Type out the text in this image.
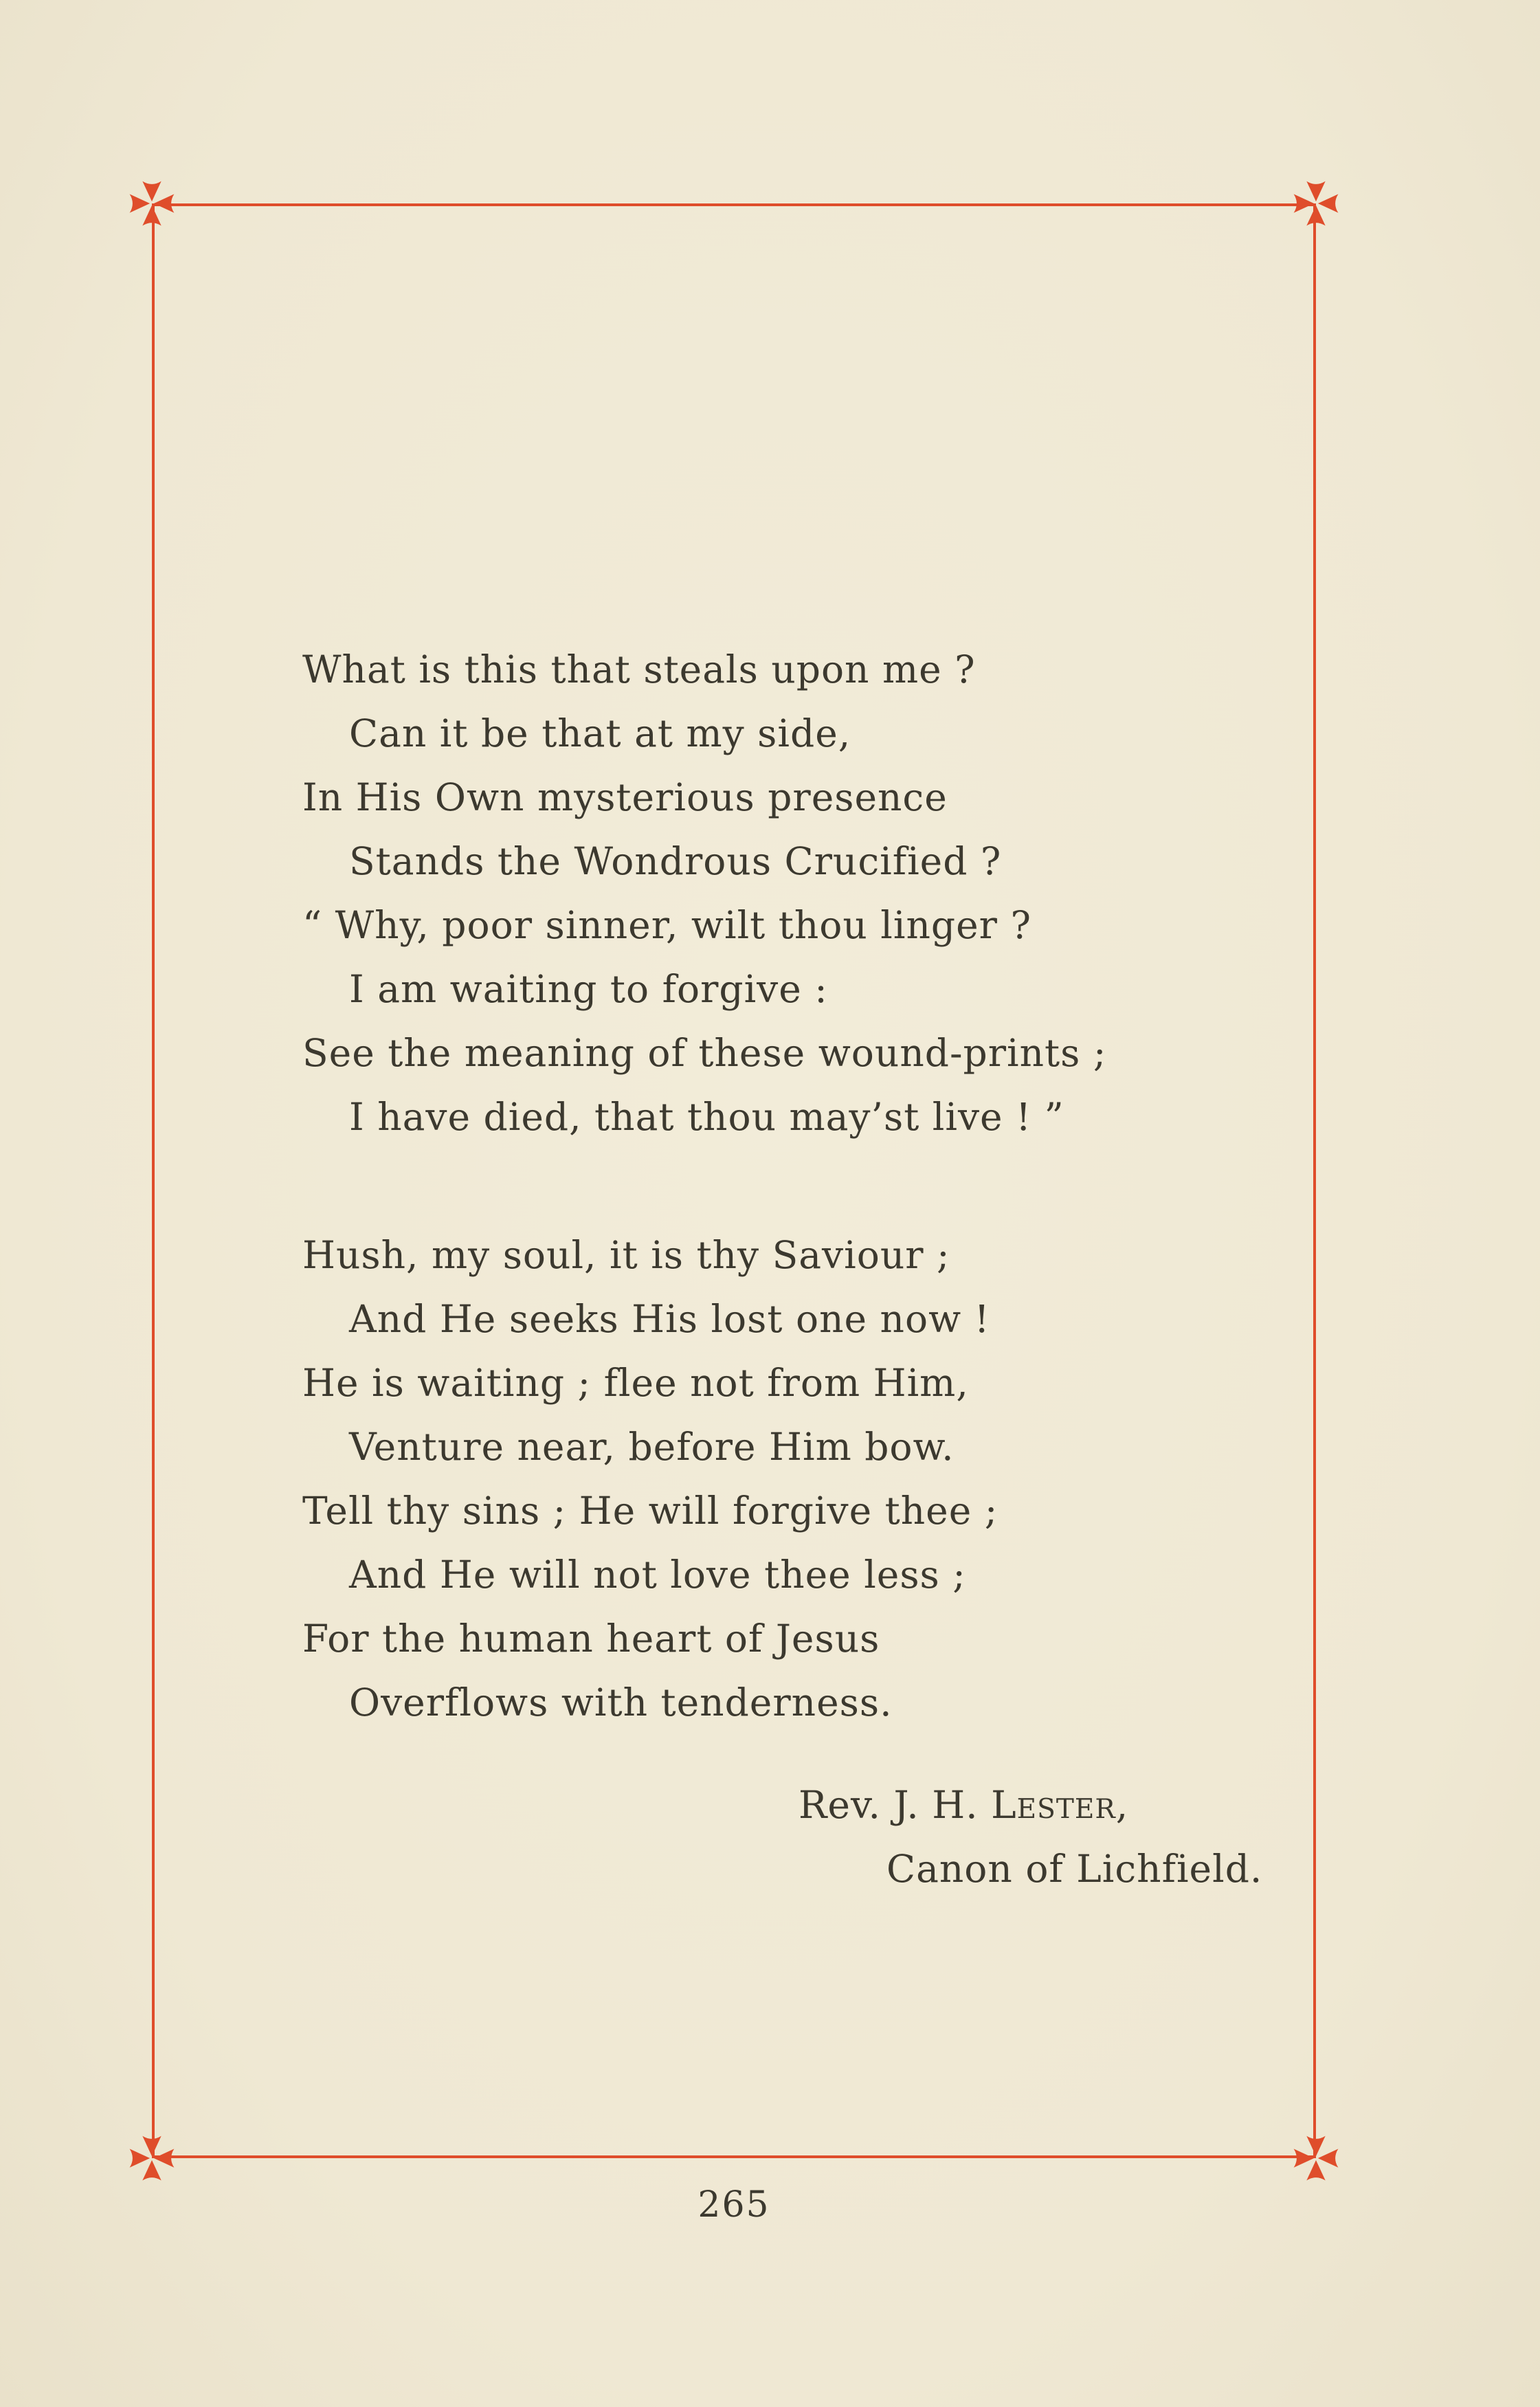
What is this that steals upon me ?
Can it be that at my side,
In His Own mysterious presence
Stands the Wondrous Crucified ?
“ Why, poor sinner, wilt thou linger ?
I am waiting to forgive :
See the meaning of these wound-prints ;
I have died, that thou may’st live ! ”
Hush, my soul, it is thy Saviour ;
And He seeks His lost one now !
He is waiting ; flee not from Him,
Venture near, before Him bow.
Tell thy sins ; He will forgive thee ;
And He will not love thee less ;
For the human heart of Jesus
Overflows with tenderness.
Rev. J. H. Lester,
Canon of Lichfield.
265
